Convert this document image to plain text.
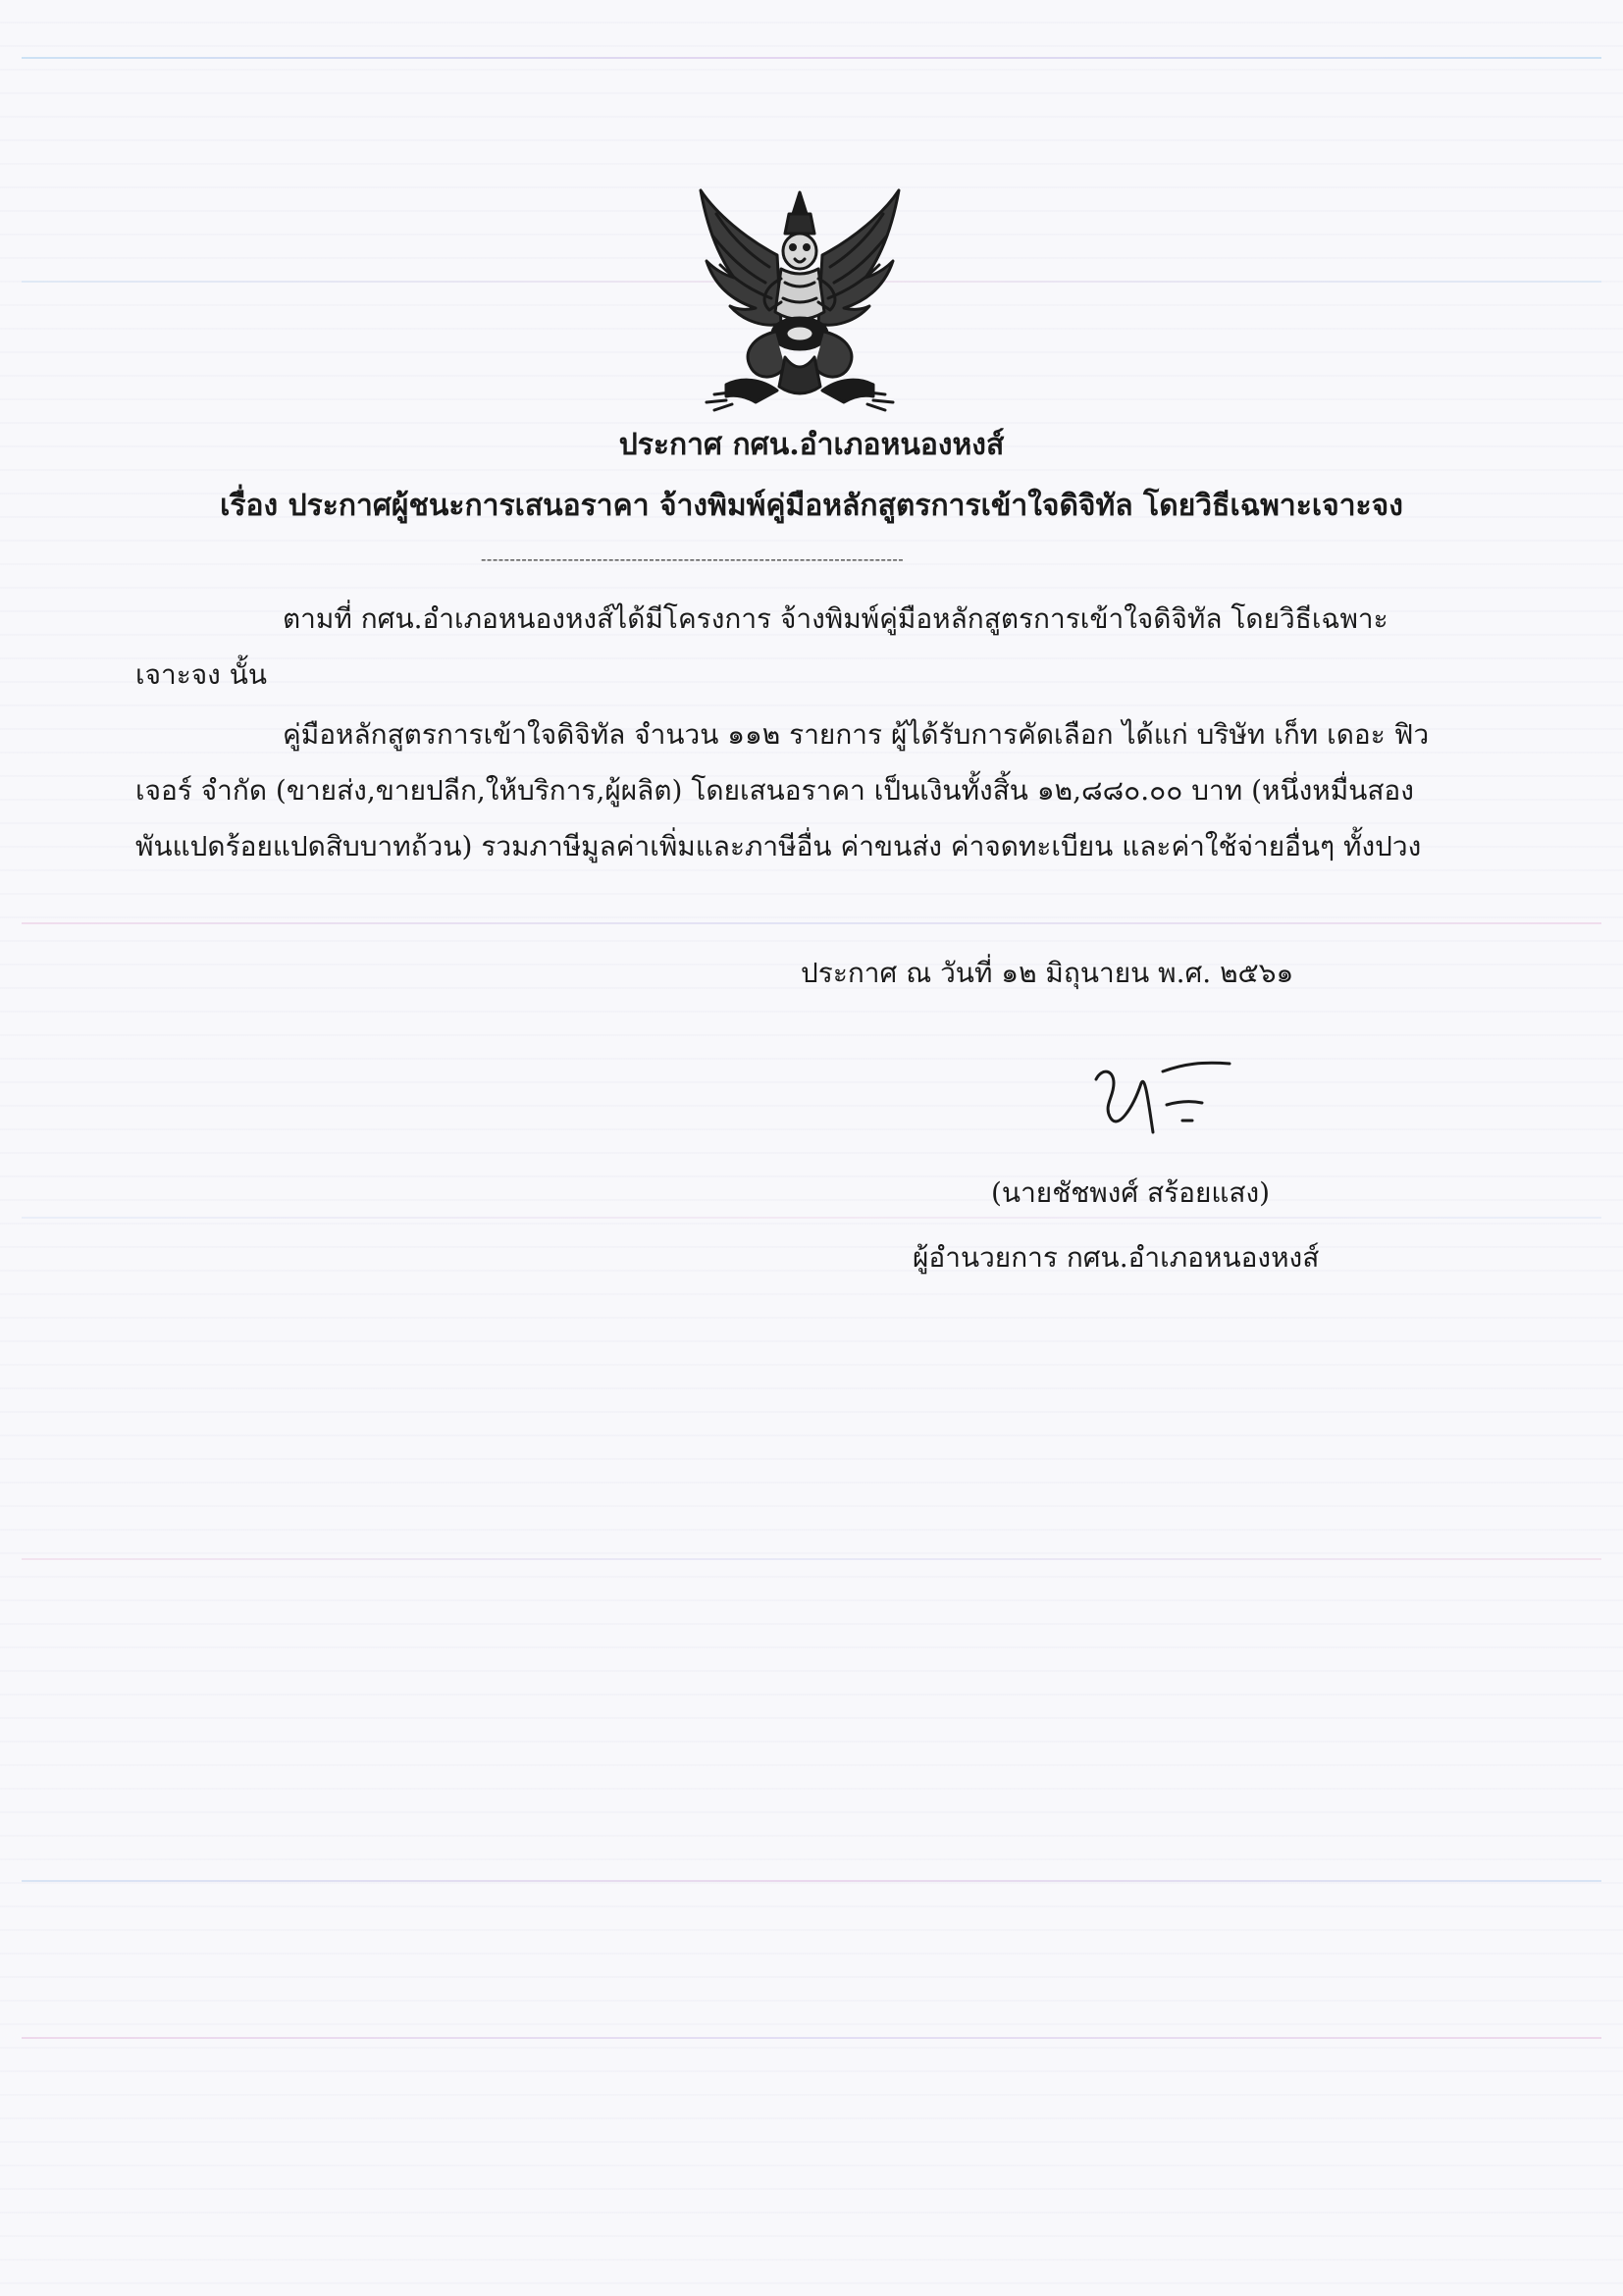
ประกาศ กศน.อำเภอหนองหงส์

เรื่อง ประกาศผู้ชนะการเสนอราคา จ้างพิมพ์คู่มือหลักสูตรการเข้าใจดิจิทัล โดยวิธีเฉพาะเจาะจง

-------------------------------------------------------------------------

ตามที่ กศน.อำเภอหนองหงส์ได้มีโครงการ จ้างพิมพ์คู่มือหลักสูตรการเข้าใจดิจิทัล โดยวิธีเฉพาะเจาะจง นั้น

คู่มือหลักสูตรการเข้าใจดิจิทัล จำนวน ๑๑๒ รายการ ผู้ได้รับการคัดเลือก ได้แก่ บริษัท เก็ท เดอะ ฟิวเจอร์ จำกัด (ขายส่ง,ขายปลีก,ให้บริการ,ผู้ผลิต) โดยเสนอราคา เป็นเงินทั้งสิ้น ๑๒,๘๘๐.๐๐ บาท (หนึ่งหมื่นสองพันแปดร้อยแปดสิบบาทถ้วน) รวมภาษีมูลค่าเพิ่มและภาษีอื่น ค่าขนส่ง ค่าจดทะเบียน และค่าใช้จ่ายอื่นๆ ทั้งปวง

ประกาศ ณ วันที่ ๑๒ มิถุนายน พ.ศ. ๒๕๖๑

(นายชัชพงศ์ สร้อยแสง)

ผู้อำนวยการ กศน.อำเภอหนองหงส์
